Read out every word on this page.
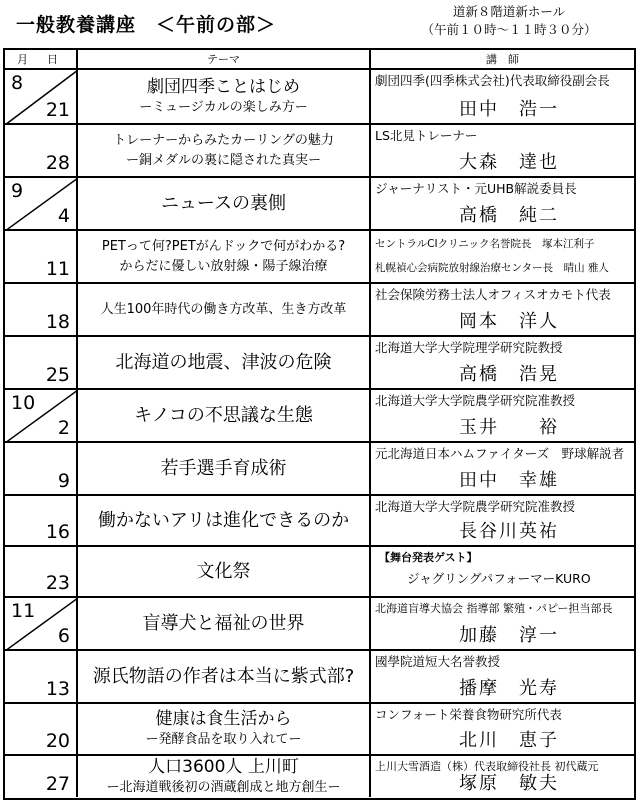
一般教養講座　＜午前の部＞
道新８階道新ホール
（午前１０時～１１時３０分）
月 日	テーマ	講　師
8
21
劇団四季ことはじめ
ーミュージカルの楽しみ方ー
劇団四季(四季株式会社)代表取締役副会長
田中　浩一
28
トレーナーからみたカーリングの魅力
ー銅メダルの裏に隠された真実ー
LS北見トレーナー
大森　達也
9
4
ニュースの裏側
ジャーナリスト・元UHB解説委員長
高橋　純二
11
PETって何?PETがんドックで何がわかる?
からだに優しい放射線・陽子線治療
セントラルCIクリニック名誉院長　塚本江利子
札幌禎心会病院放射線治療センター長　晴山 雅人
18
人生100年時代の働き方改革、生き方改革
社会保険労務士法人オフィスオカモト代表
岡本　洋人
25
北海道の地震、津波の危険
北海道大学大学院理学研究院教授
高橋　浩晃
10
2
キノコの不思議な生態
北海道大学大学院農学研究院准教授
玉井　　裕
9
若手選手育成術
元北海道日本ハムファイターズ　野球解説者
田中　幸雄
16
働かないアリは進化できるのか
北海道大学大学院農学研究院准教授
長谷川英祐
23
文化祭
【舞台発表ゲスト】
ジャグリングパフォーマーKURO
11
6
盲導犬と福祉の世界
北海道盲導犬協会 指導部 繁殖・パピー担当部長
加藤　淳一
13
源氏物語の作者は本当に紫式部?
國學院道短大名誉教授
播摩　光寿
20
健康は食生活から
ー発酵食品を取り入れてー
コンフォート栄養食物研究所代表
北川　恵子
27
人口3600人 上川町
ー北海道戦後初の酒蔵創成と地方創生ー
上川大雪酒造（株）代表取締役社長 初代蔵元
塚原　敏夫
